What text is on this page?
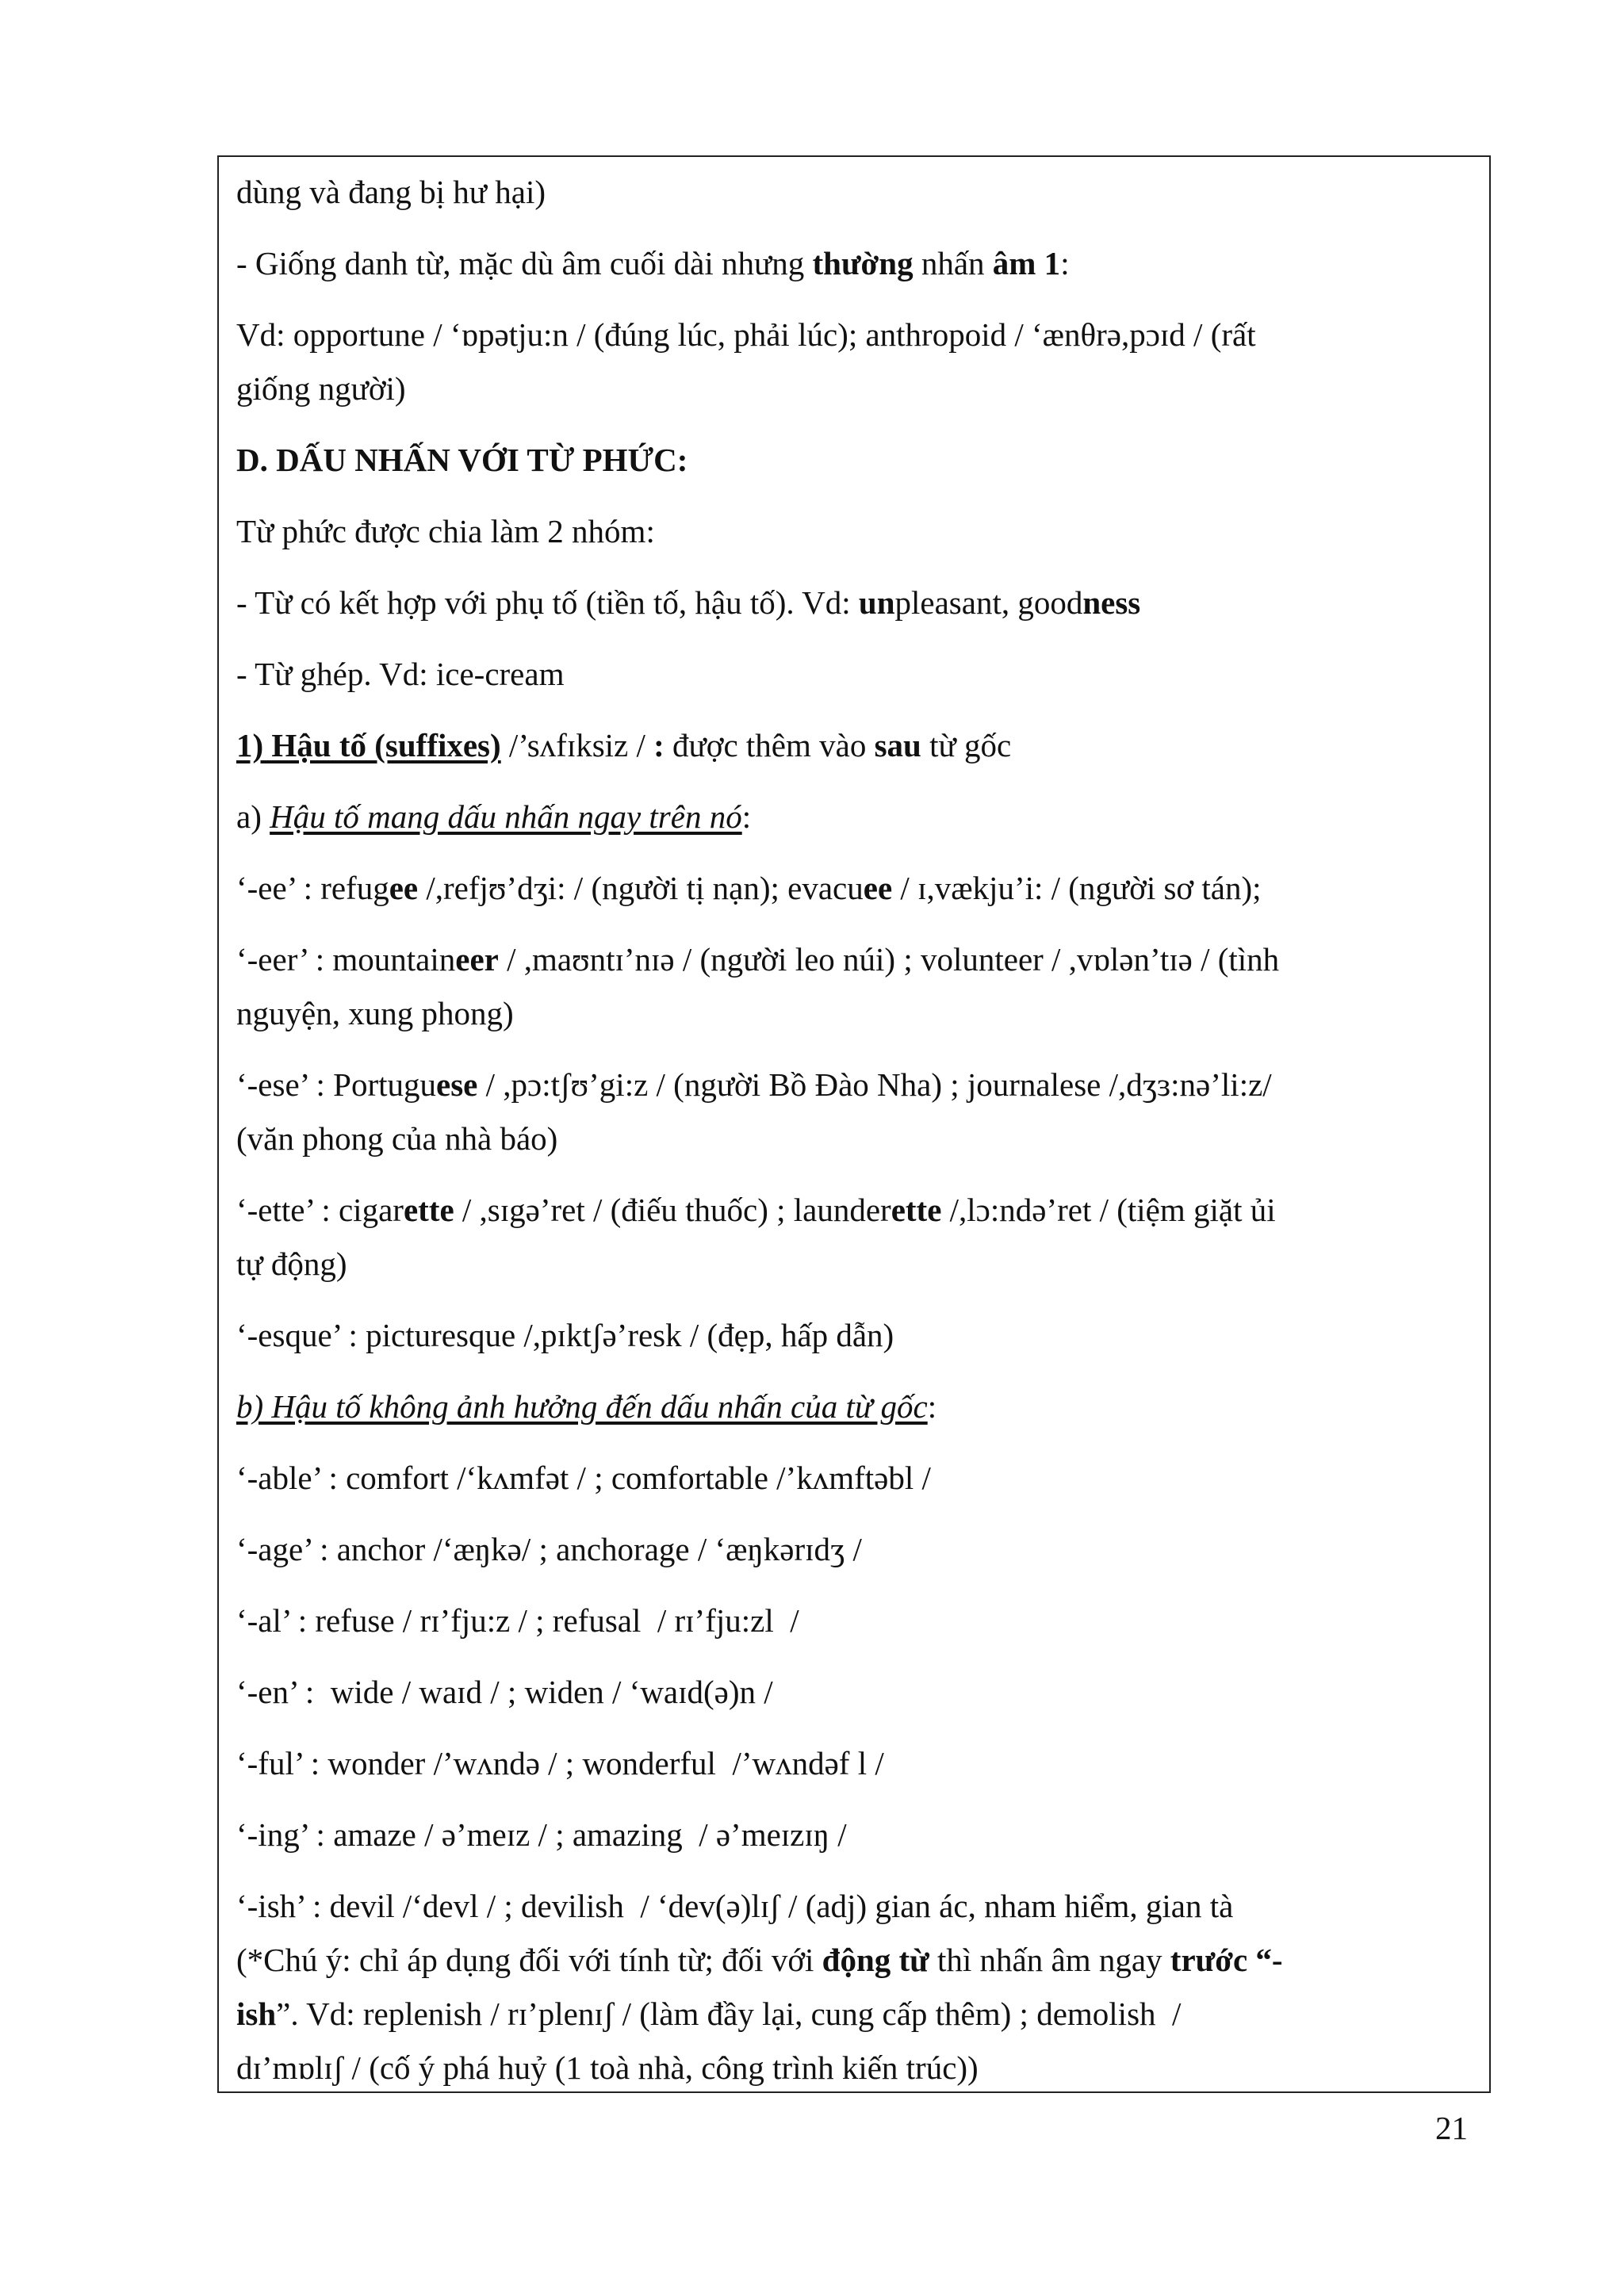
dùng và đang bị hư hại)
- Giống danh từ, mặc dù âm cuối dài nhưng thường nhấn âm 1:
Vd: opportune / ‘ɒpətju:n / (đúng lúc, phải lúc); anthropoid / ‘ænθrə,pɔɪd / (rất
giống người)
D. DẤU NHẤN VỚI TỪ PHỨC:
Từ phức được chia làm 2 nhóm:
- Từ có kết hợp với phụ tố (tiền tố, hậu tố). Vd: unpleasant, goodness
- Từ ghép. Vd: ice-cream
1) Hậu tố (suffixes) /’sʌfɪksiz / : được thêm vào sau từ gốc
a) Hậu tố mang dấu nhấn ngay trên nó:
‘-ee’ : refugee /,refjʊ’dʒi: / (người tị nạn); evacuee / ɪ,vækju’i: / (người sơ tán);
‘-eer’ : mountaineer / ,maʊntɪ’nɪə / (người leo núi) ; volunteer / ,vɒlən’tɪə / (tình
nguyện, xung phong)
‘-ese’ : Portuguese / ,pɔ:tʃʊ’gi:z / (người Bồ Đào Nha) ; journalese /,dʒɜ:nə’li:z/
(văn phong của nhà báo)
‘-ette’ : cigarette / ,sɪgə’ret / (điếu thuốc) ; launderette /,lɔ:ndə’ret / (tiệm giặt ủi
tự động)
‘-esque’ : picturesque /,pɪktʃə’resk / (đẹp, hấp dẫn)
b) Hậu tố không ảnh hưởng đến dấu nhấn của từ gốc:
‘-able’ : comfort /‘kʌmfət / ; comfortable /’kʌmftəbl /
‘-age’ : anchor /‘æŋkə/ ; anchorage / ‘æŋkərɪdʒ /
‘-al’ : refuse / rɪ’fju:z / ; refusal  / rɪ’fju:zl  /
‘-en’ :  wide / waɪd / ; widen / ‘waɪd(ə)n /
‘-ful’ : wonder /’wʌndə / ; wonderful  /’wʌndəf l /
‘-ing’ : amaze / ə’meɪz / ; amazing  / ə’meɪzɪŋ /
‘-ish’ : devil /‘devl / ; devilish  / ‘dev(ə)lɪʃ / (adj) gian ác, nham hiểm, gian tà
(*Chú ý: chỉ áp dụng đối với tính từ; đối với động từ thì nhấn âm ngay trước “-
ish”. Vd: replenish / rɪ’plenɪʃ / (làm đầy lại, cung cấp thêm) ; demolish  /
dɪ’mɒlɪʃ / (cố ý phá huỷ (1 toà nhà, công trình kiến trúc))
21
